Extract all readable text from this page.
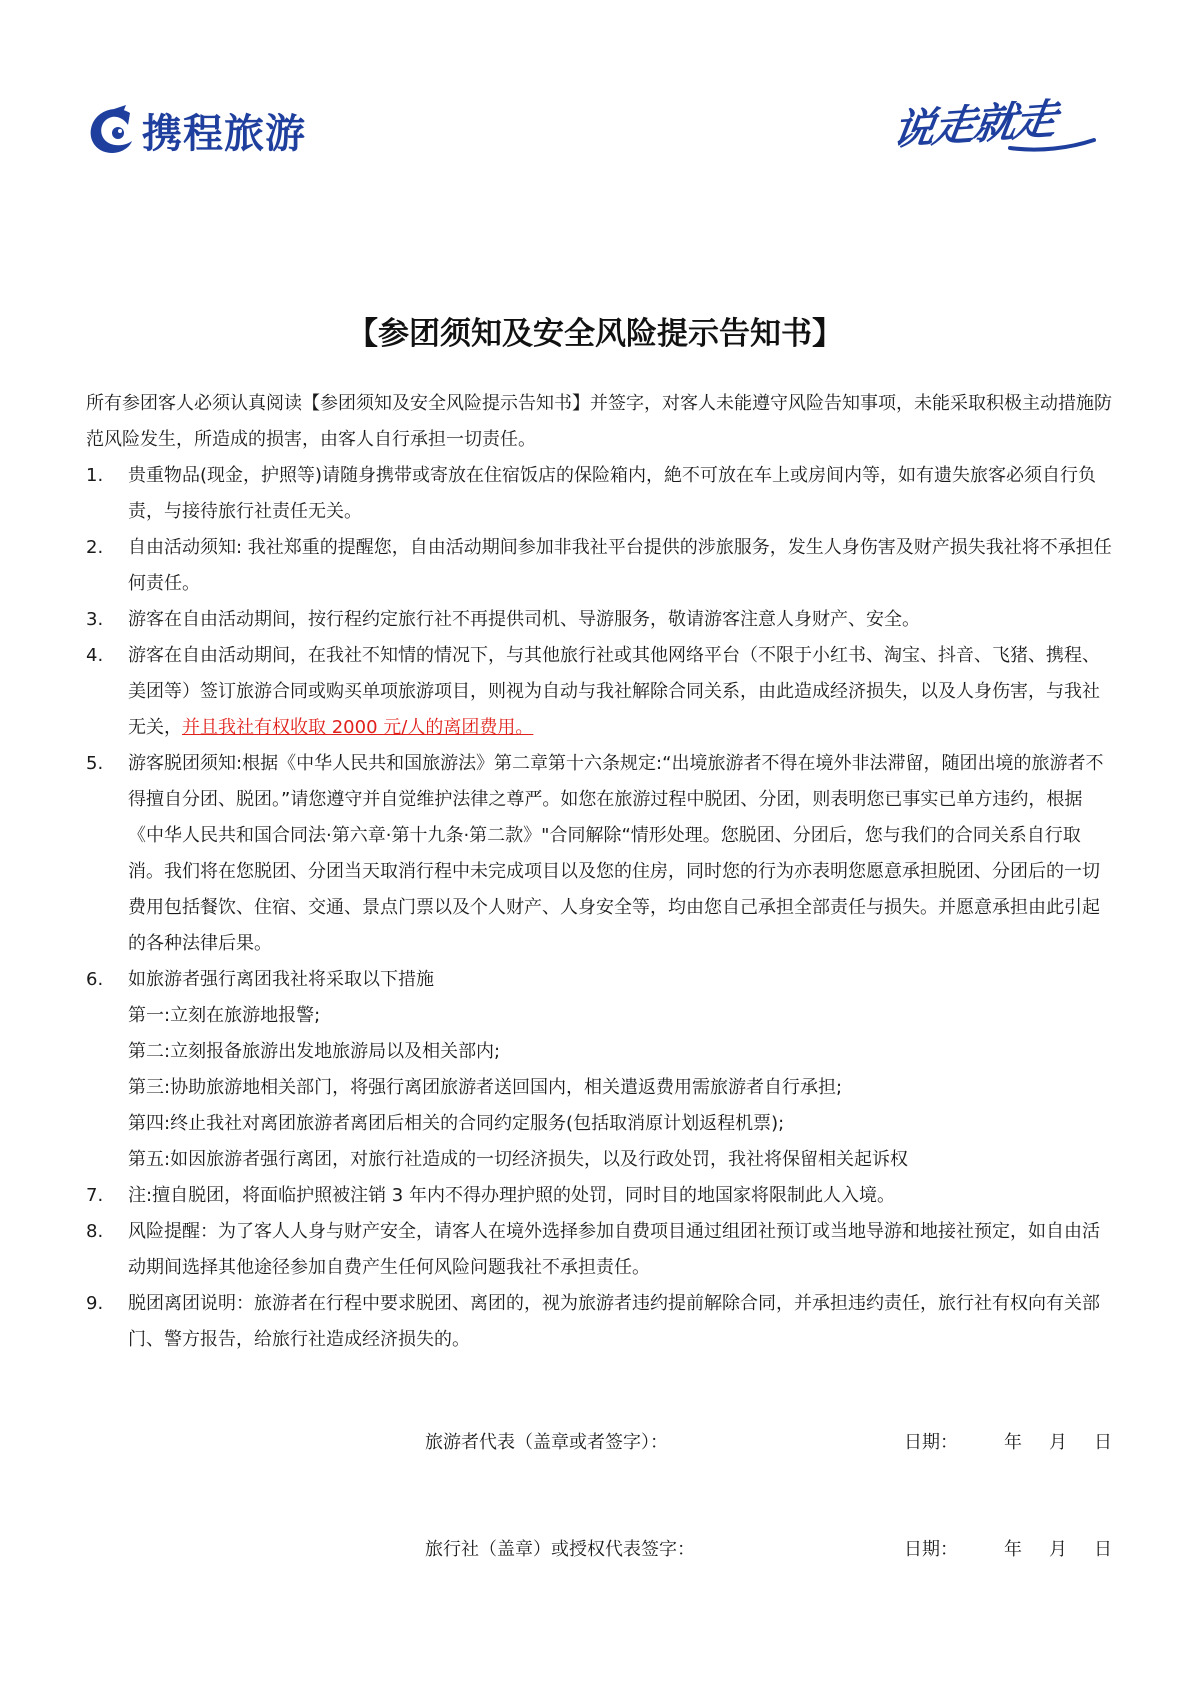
携程旅游	说走就走
【参团须知及安全风险提示告知书】

所有参团客人必须认真阅读【参团须知及安全风险提示告知书】并签字，对客人未能遵守风险告知事项，未能采取积极主动措施防范风险发生，所造成的损害，由客人自行承担一切责任。

1.	贵重物品(现金，护照等)请随身携带或寄放在住宿饭店的保险箱内，絶不可放在车上或房间内等，如有遗失旅客必须自行负责，与接待旅行社责任无关。
2.	自由活动须知: 我社郑重的提醒您，自由活动期间参加非我社平台提供的涉旅服务，发生人身伤害及财产损失我社将不承担任何责任。
3.	游客在自由活动期间，按行程约定旅行社不再提供司机、导游服务，敬请游客注意人身财产、安全。
4.	游客在自由活动期间，在我社不知情的情况下，与其他旅行社或其他网络平台（不限于小红书、淘宝、抖音、飞猪、携程、美团等）签订旅游合同或购买单项旅游项目，则视为自动与我社解除合同关系，由此造成经济损失，以及人身伤害，与我社无关，并且我社有权收取 2000 元/人的离团费用。
5.	游客脱团须知:根据《中华人民共和国旅游法》第二章第十六条规定:“出境旅游者不得在境外非法滞留，随团出境的旅游者不得擅自分团、脱团。”请您遵守并自觉维护法律之尊严。如您在旅游过程中脱团、分团，则表明您已事实已单方违约，根据 《中华人民共和国合同法·第六章·第十九条·第二款》"合同解除“情形处理。您脱团、分团后，您与我们的合同关系自行取消。我们将在您脱团、分团当天取消行程中未完成项目以及您的住房，同时您的行为亦表明您愿意承担脱团、分团后的一切费用包括餐饮、住宿、交通、景点门票以及个人财产、人身安全等，均由您自己承担全部责任与损失。并愿意承担由此引起的各种法律后果。
6.	如旅游者强行离团我社将采取以下措施
第一:立刻在旅游地报警;
第二:立刻报备旅游出发地旅游局以及相关部内;
第三:协助旅游地相关部门，将强行离团旅游者送回国内，相关遣返费用需旅游者自行承担;
第四:终止我社对离团旅游者离团后相关的合同约定服务(包括取消原计划返程机票);
第五:如因旅游者强行离团，对旅行社造成的一切经济损失，以及行政处罚，我社将保留相关起诉权
7.	注:擅自脱团，将面临护照被注销 3 年内不得办理护照的处罚，同时目的地国家将限制此人入境。
8.	风险提醒：为了客人人身与财产安全，请客人在境外选择参加自费项目通过组团社预订或当地导游和地接社预定，如自由活动期间选择其他途径参加自费产生任何风险问题我社不承担责任。
9.	脱团离团说明：旅游者在行程中要求脱团、离团的，视为旅游者违约提前解除合同，并承担违约责任，旅行社有权向有关部门、警方报告，给旅行社造成经济损失的。
旅游者代表（盖章或者签字）：	日期：	年 月 日
旅行社（盖章）或授权代表签字：	日期：	年 月 日
